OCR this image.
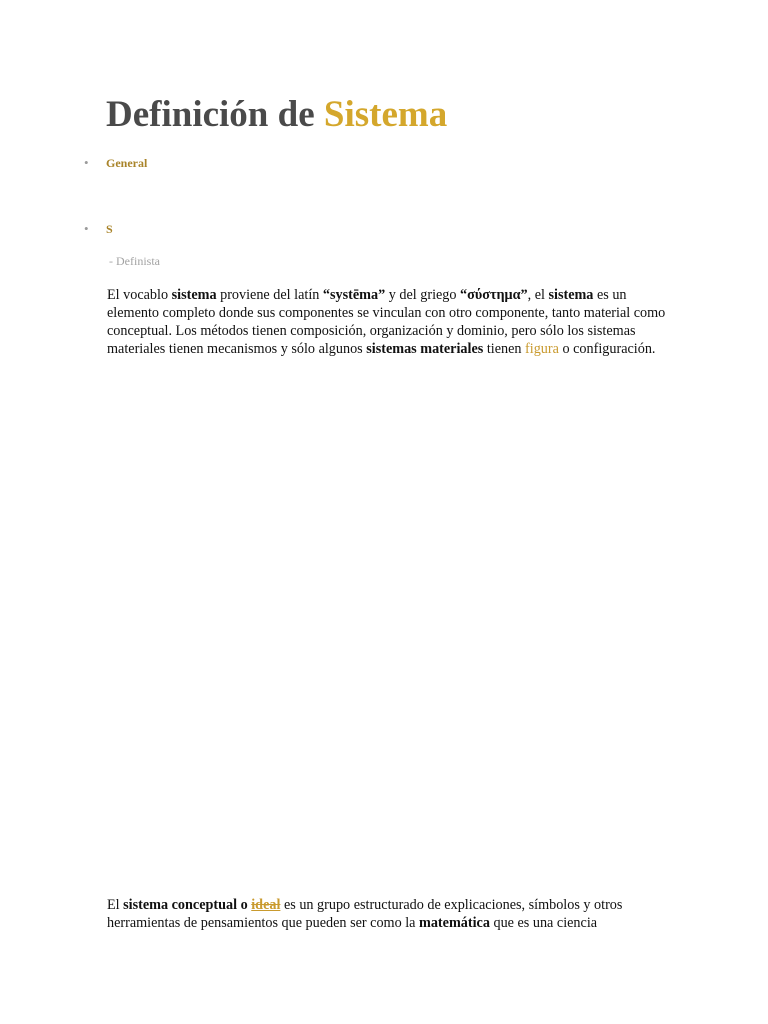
Definición de Sistema
• General
• S
- Definista

El vocablo sistema proviene del latín “systēma” y del griego “σύστημα”, el sistema es un elemento completo donde sus componentes se vinculan con otro componente, tanto material como conceptual. Los métodos tienen composición, organización y dominio, pero sólo los sistemas materiales tienen mecanismos y sólo algunos sistemas materiales tienen figura o configuración.

El sistema conceptual o ideal es un grupo estructurado de explicaciones, símbolos y otros herramientas de pensamientos que pueden ser como la matemática que es una ciencia
